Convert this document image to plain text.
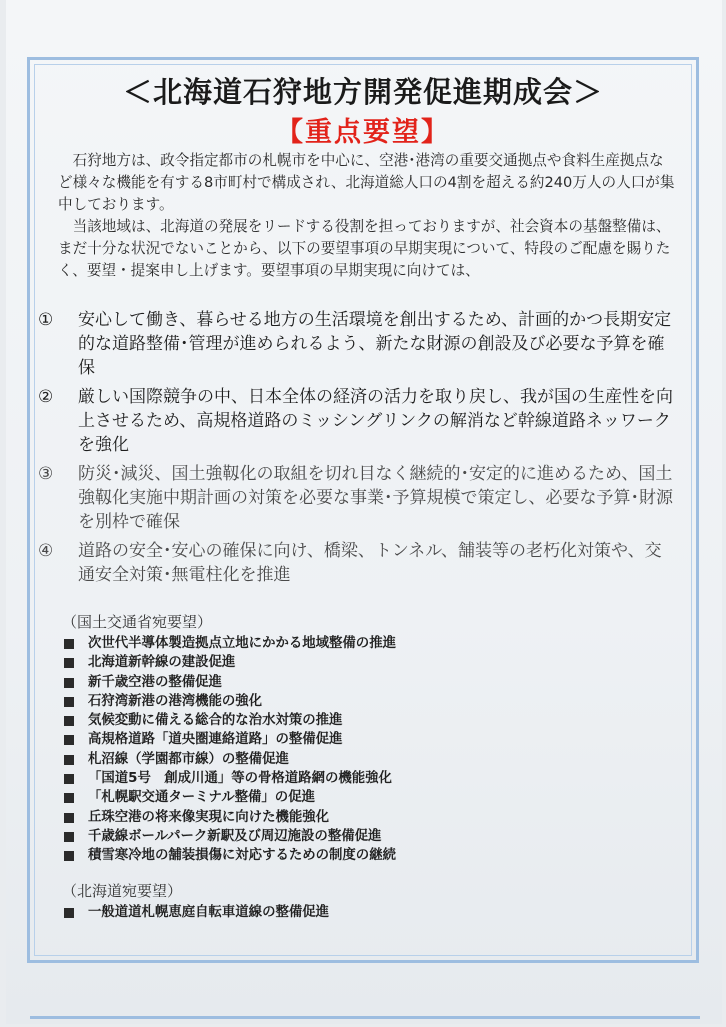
＜北海道石狩地方開発促進期成会＞
【重点要望】

石狩地方は、政令指定都市の札幌市を中心に、空港･港湾の重要交通拠点や食料生産拠点など様々な機能を有する8市町村で構成され、北海道総人口の4割を超える約240万人の人口が集中しております。

当該地域は、北海道の発展をリードする役割を担っておりますが、社会資本の基盤整備は、まだ十分な状況でないことから、以下の要望事項の早期実現について、特段のご配慮を賜りたく、要望・提案申し上げます。要望事項の早期実現に向けては、

①	安心して働き、暮らせる地方の生活環境を創出するため、計画的かつ長期安定的な道路整備･管理が進められるよう、新たな財源の創設及び必要な予算を確保
②	厳しい国際競争の中、日本全体の経済の活力を取り戻し、我が国の生産性を向上させるため、高規格道路のミッシングリンクの解消など幹線道路ネッワークを強化
③	防災･減災、国土強靱化の取組を切れ目なく継続的･安定的に進めるため、国土強靱化実施中期計画の対策を必要な事業･予算規模で策定し、必要な予算･財源を別枠で確保
④	道路の安全･安心の確保に向け、橋梁、トンネル、舗装等の老朽化対策や、交通安全対策･無電柱化を推進

（国土交通省宛要望）

次世代半導体製造拠点立地にかかる地域整備の推進
北海道新幹線の建設促進
新千歳空港の整備促進
石狩湾新港の港湾機能の強化
気候変動に備える総合的な治水対策の推進
高規格道路「道央圏連絡道路」の整備促進
札沼線（学園都市線）の整備促進
「国道5号　創成川通」等の骨格道路網の機能強化
「札幌駅交通ターミナル整備」の促進
丘珠空港の将来像実現に向けた機能強化
千歳線ボールパーク新駅及び周辺施設の整備促進
積雪寒冷地の舗装損傷に対応するための制度の継続

（北海道宛要望）

一般道道札幌恵庭自転車道線の整備促進
